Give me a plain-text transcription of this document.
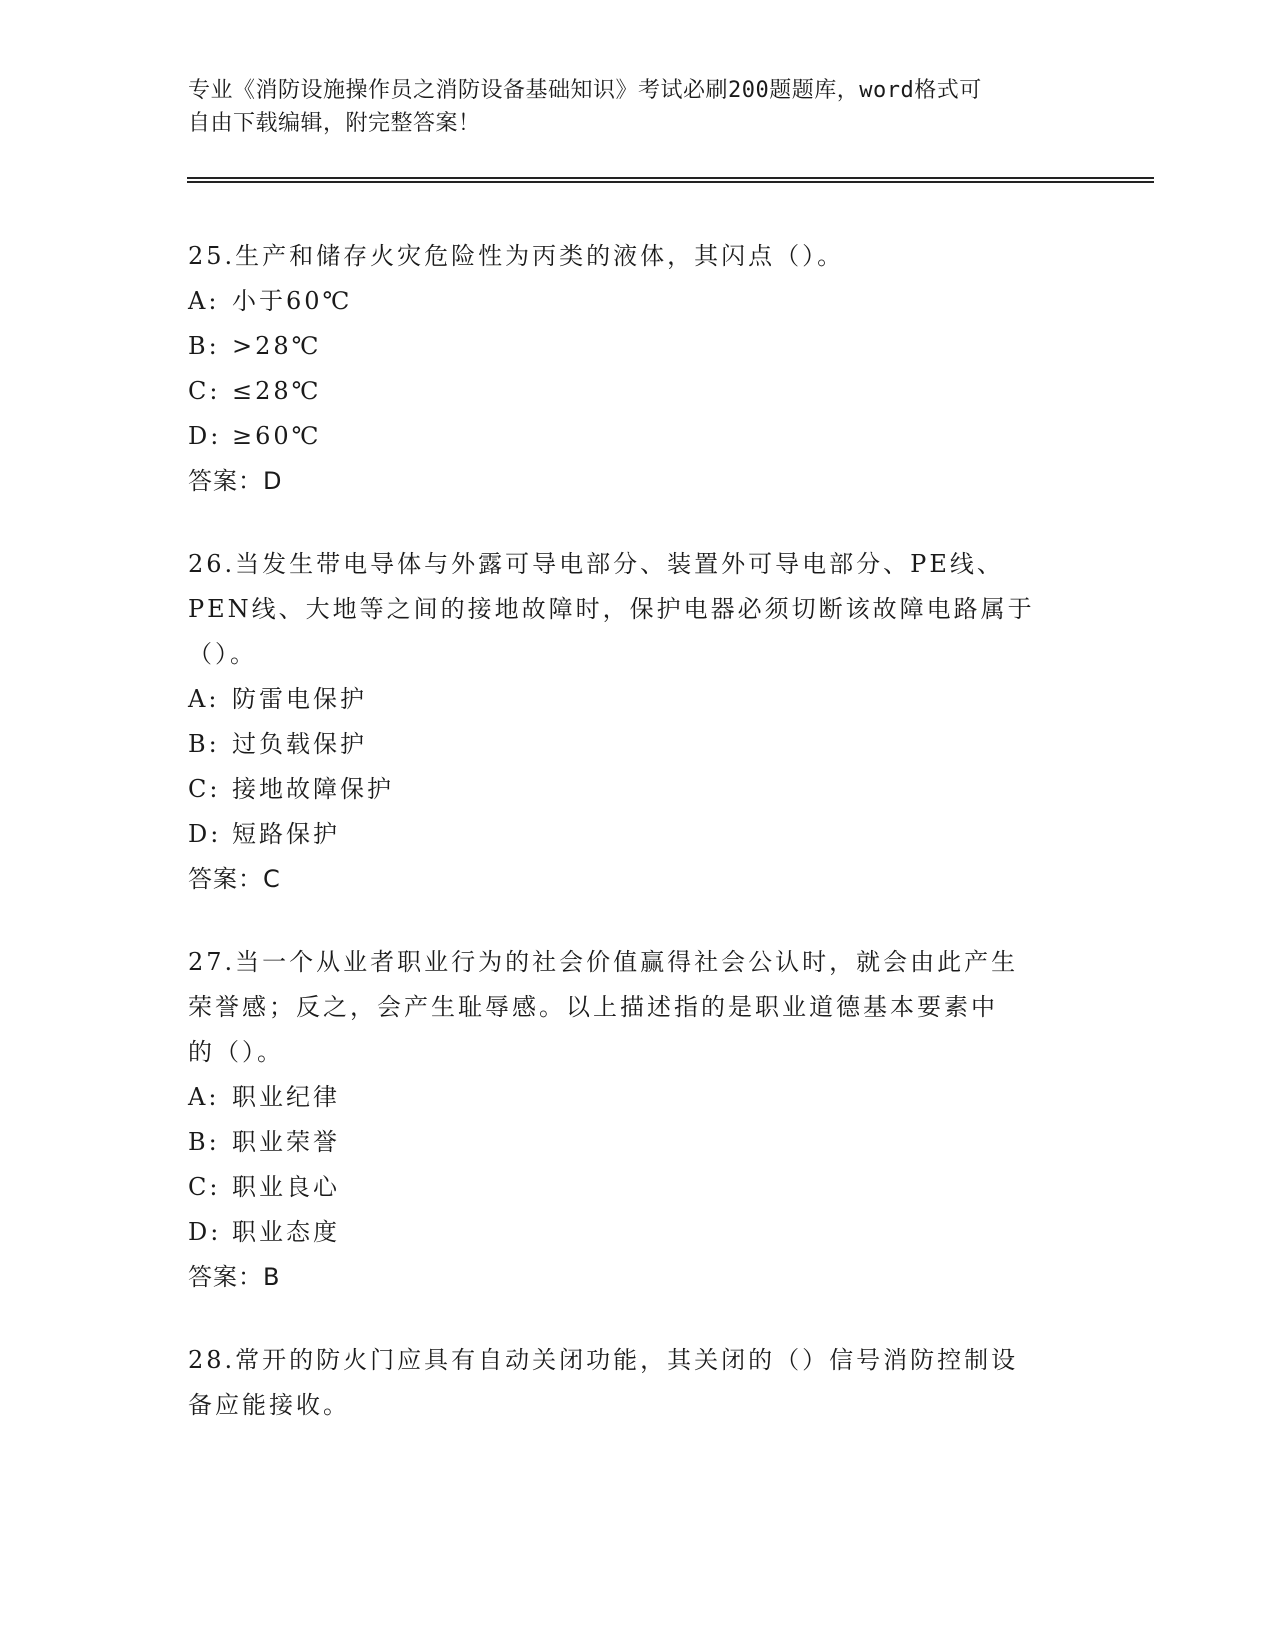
专业《消防设施操作员之消防设备基础知识》考试必刷200题题库，word格式可
自由下载编辑，附完整答案！
25.生产和储存火灾危险性为丙类的液体，其闪点（）。
A: 小于60℃
B: >28℃
C: ≤28℃
D: ≥60℃
答案：D
26.当发生带电导体与外露可导电部分、装置外可导电部分、PE线、
PEN线、大地等之间的接地故障时，保护电器必须切断该故障电路属于
（）。
A: 防雷电保护
B: 过负载保护
C: 接地故障保护
D: 短路保护
答案：C
27.当一个从业者职业行为的社会价值赢得社会公认时，就会由此产生
荣誉感；反之，会产生耻辱感。以上描述指的是职业道德基本要素中
的（）。
A: 职业纪律
B: 职业荣誉
C: 职业良心
D: 职业态度
答案：B
28.常开的防火门应具有自动关闭功能，其关闭的（）信号消防控制设
备应能接收。
